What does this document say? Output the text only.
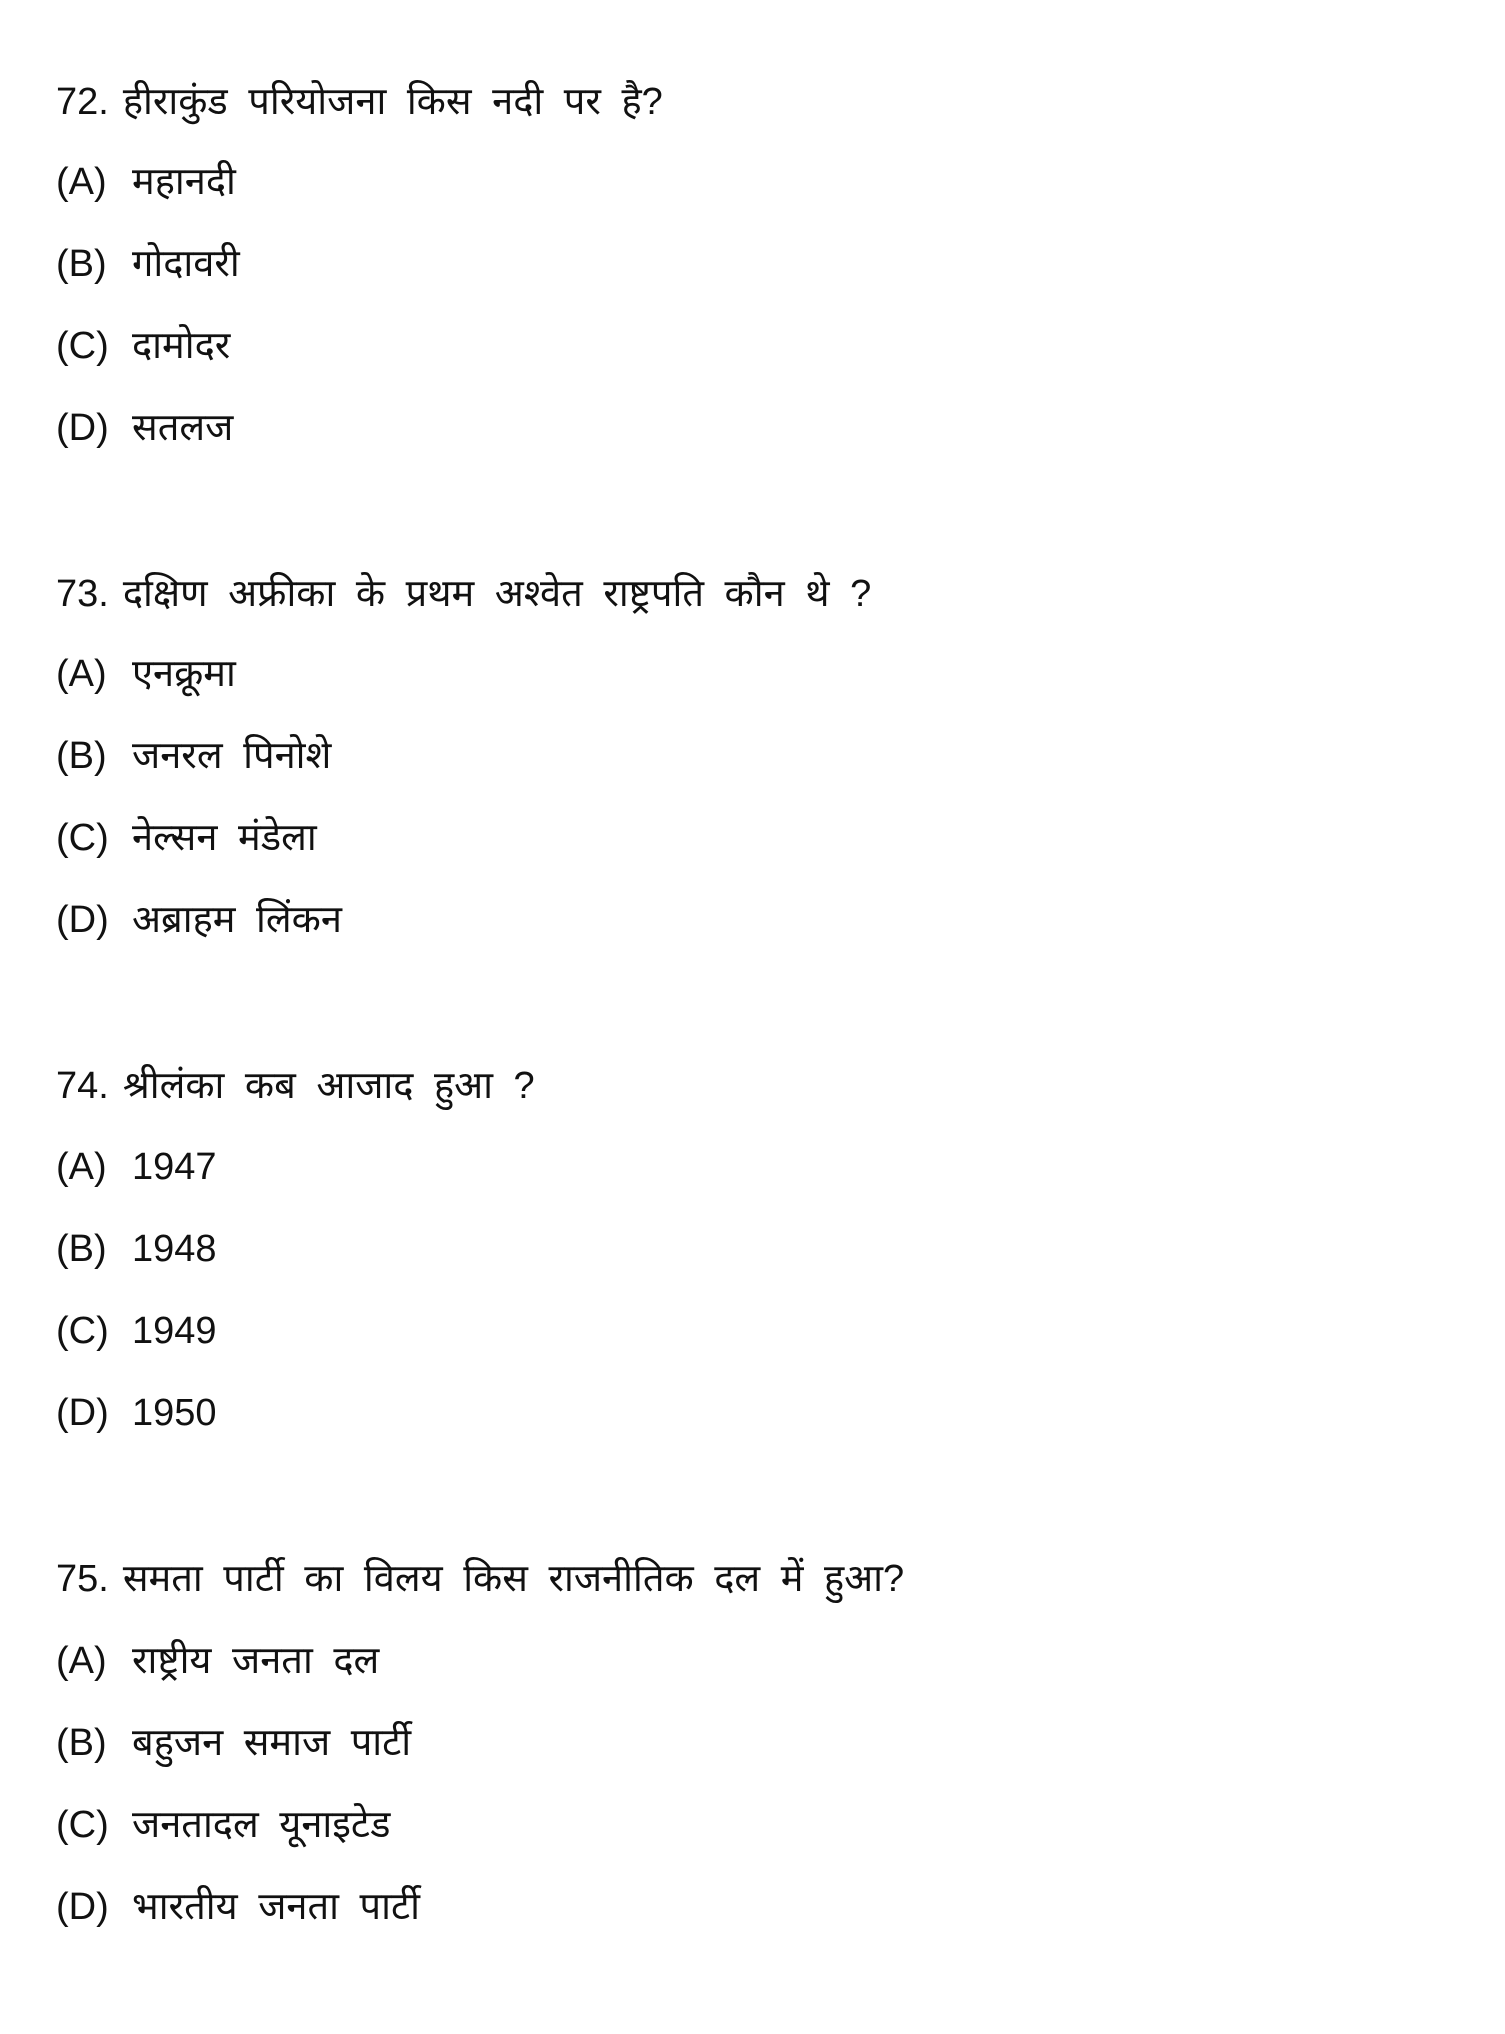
72. हीराकुंड परियोजना किस नदी पर है?
(A) महानदी
(B) गोदावरी
(C) दामोदर
(D) सतलज
73. दक्षिण अफ्रीका के प्रथम अश्वेत राष्ट्रपति कौन थे ?
(A) एनक्रूमा
(B) जनरल पिनोशे
(C) नेल्सन मंडेला
(D) अब्राहम लिंकन
74. श्रीलंका कब आजाद हुआ ?
(A) 1947
(B) 1948
(C) 1949
(D) 1950
75. समता पार्टी का विलय किस राजनीतिक दल में हुआ?
(A) राष्ट्रीय जनता दल
(B) बहुजन समाज पार्टी
(C) जनतादल यूनाइटेड
(D) भारतीय जनता पार्टी
